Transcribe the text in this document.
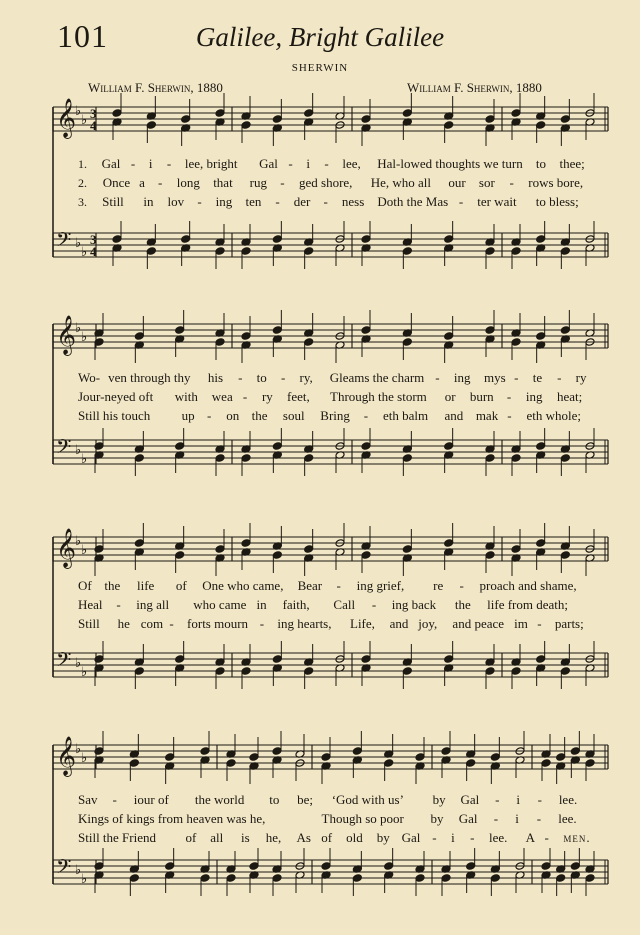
101	Galilee, Bright Galilee
SHERWIN
William F. Sherwin, 1880	William F. Sherwin, 1880
𝄞
♭
♭ 3
4
𝄢 ♭
♭
3
4
𝄞
♭
♭
𝄢 ♭
♭
𝄞
♭
♭
𝄢 ♭
♭
𝄞
♭
♭
𝄢 ♭
♭
1. Gal - i - lee, bright Gal - i - lee, Hal-lowed thoughts we turn to thee;
2. Once a - long that rug - ged shore, He, who all our sor - rows bore,
3. Still in lov - ing ten - der - ness Doth the Mas - ter wait to bless;
Wo- ven through thy his - to - ry, Gleams the charm - ing mys - te - ry
Jour-neyed oft with wea - ry feet, Through the storm or burn - ing heat;
Still his touch up - on the soul Bring - eth balm and mak - eth whole;
Of the life of One who came, Bear - ing grief, re - proach and shame,
Heal - ing all who came in faith, Call - ing back the life from death;
Still he com - forts mourn - ing hearts, Life, and joy, and peace im - parts;
Sav - iour of the world to be; ‘God with us’ by Gal - i - lee.
Kings of kings from heaven was he,	Though so poor by Gal - i - lee.
Still the Friend of all is he, As of old by Gal - i - lee. A - men.
